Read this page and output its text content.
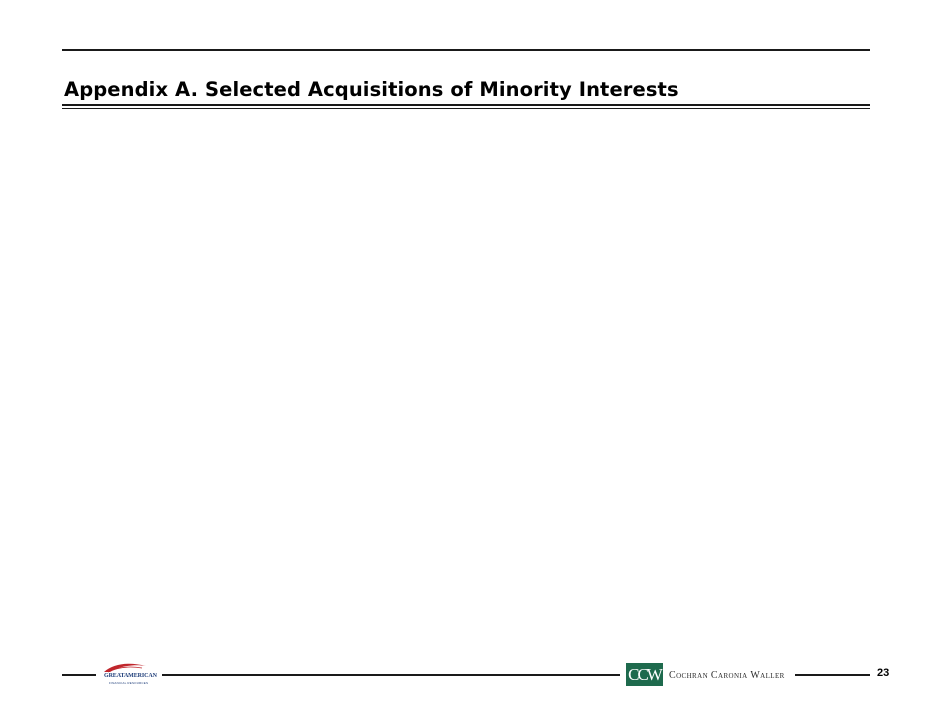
Appendix A. Selected Acquisitions of Minority Interests
GREATAMERICAN
FINANCIAL RESOURCES	CCW Cochran Caronia Waller	23
